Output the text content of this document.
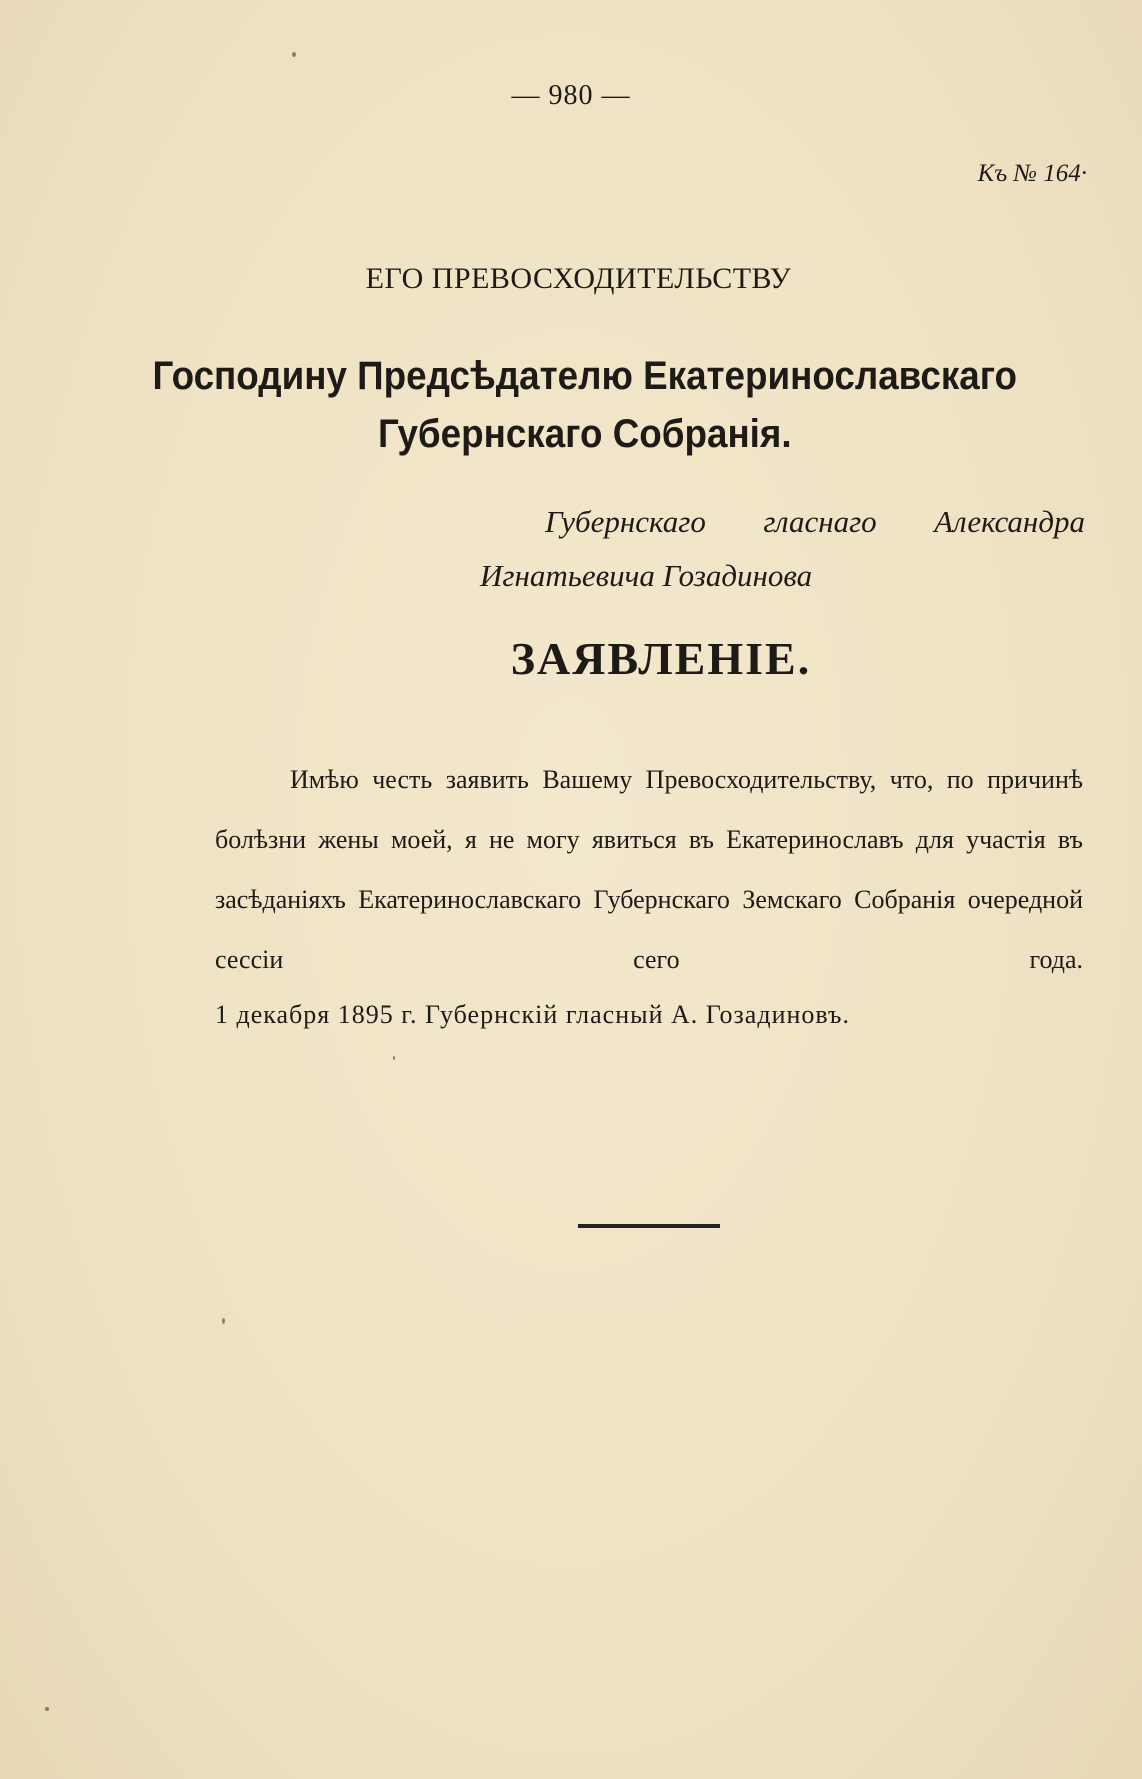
— 980 —
Къ № 164·
ЕГО ПРЕВОСХОДИТЕЛЬСТВУ
Господину Предсѣдателю Екатеринославскаго
Губернскаго Собранія.
Губернскаго гласнаго Александра
Игнатьевича Гозадинова
ЗАЯВЛЕНІЕ.

Имѣю честь заявить Вашему Превосходительству, что, по причинѣ болѣзни жены моей, я не могу явиться въ Екатеринославъ для участія въ засѣданіяхъ Екатеринославскаго Губернскаго Земскаго Собранія очередной сессіи сего года.

1 декабря 1895 г. Губернскій гласный А. Гозадиновъ.
